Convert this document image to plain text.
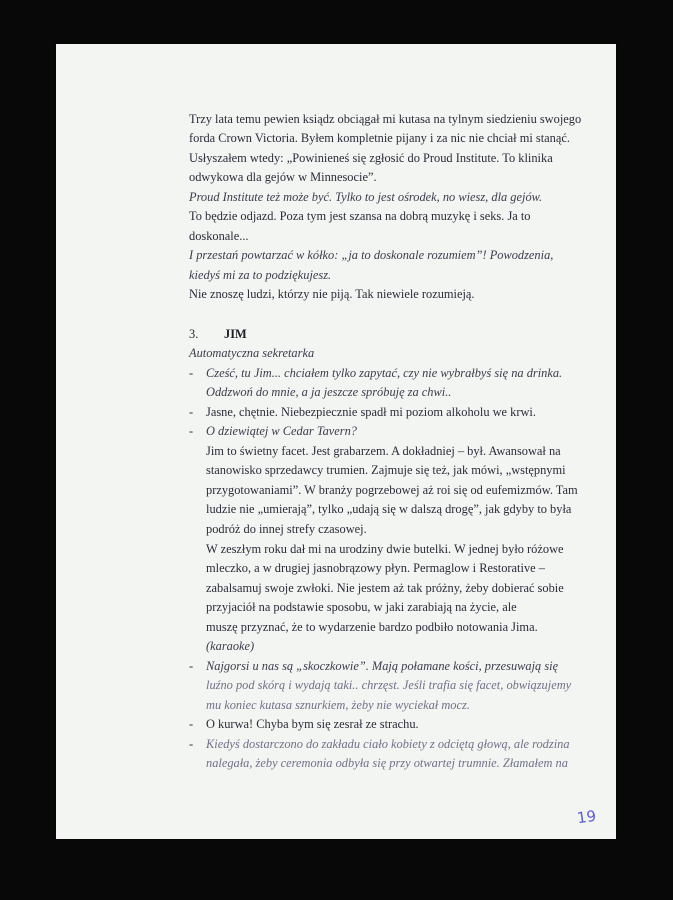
Trzy lata temu pewien ksiądz obciągał mi kutasa na tylnym siedzieniu swojego
forda Crown Victoria. Byłem kompletnie pijany i za nic nie chciał mi stanąć.
Usłyszałem wtedy: „Powinieneś się zgłosić do Proud Institute. To klinika
odwykowa dla gejów w Minnesocie”.
Proud Institute też może być. Tylko to jest ośrodek, no wiesz, dla gejów.
To będzie odjazd. Poza tym jest szansa na dobrą muzykę i seks. Ja to
doskonale...
I przestań powtarzać w kółko: „ja to doskonale rozumiem”! Powodzenia,
kiedyś mi za to podziękujesz.
Nie znoszę ludzi, którzy nie piją. Tak niewiele rozumieją.
3. JIM
Automatyczna sekretarka
- Cześć, tu Jim... chciałem tylko zapytać, czy nie wybrałbyś się na drinka.
Oddzwoń do mnie, a ja jeszcze spróbuję za chwi..
- Jasne, chętnie. Niebezpiecznie spadł mi poziom alkoholu we krwi.
- O dziewiątej w Cedar Tavern?
Jim to świetny facet. Jest grabarzem. A dokładniej – był. Awansował na
stanowisko sprzedawcy trumien. Zajmuje się też, jak mówi, „wstępnymi
przygotowaniami”. W branży pogrzebowej aż roi się od eufemizmów. Tam
ludzie nie „umierają”, tylko „udają się w dalszą drogę”, jak gdyby to była
podróż do innej strefy czasowej.
W zeszłym roku dał mi na urodziny dwie butelki. W jednej było różowe
mleczko, a w drugiej jasnobrązowy płyn. Permaglow i Restorative –
zabalsamuj swoje zwłoki. Nie jestem aż tak próżny, żeby dobierać sobie
przyjaciół na podstawie sposobu, w jaki zarabiają na życie, ale
muszę przyznać, że to wydarzenie bardzo podbiło notowania Jima.
(karaoke)
- Najgorsi u nas są „skoczkowie”. Mają połamane kości, przesuwają się
luźno pod skórą i wydają taki.. chrzęst. Jeśli trafia się facet, obwiązujemy
mu koniec kutasa sznurkiem, żeby nie wyciekał mocz.
- O kurwa! Chyba bym się zesrał ze strachu.
- Kiedyś dostarczono do zakładu ciało kobiety z odciętą głową, ale rodzina
nalegała, żeby ceremonia odbyła się przy otwartej trumnie. Złamałem na
19
